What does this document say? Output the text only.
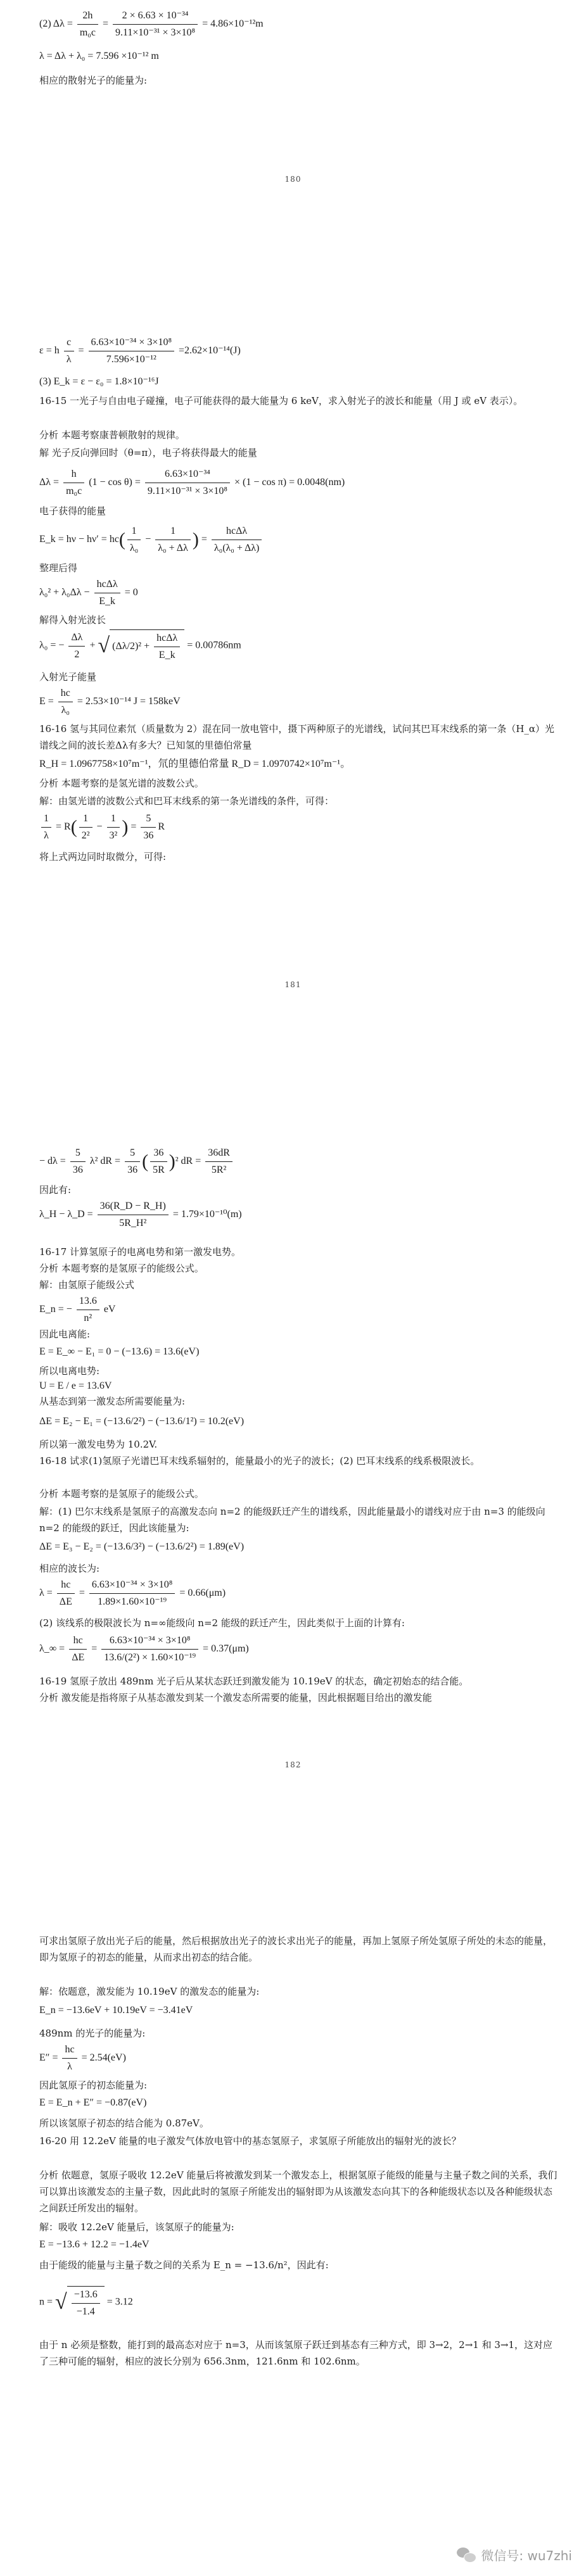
(2) $\Delta\lambda = \frac{2h}{\text{m₀c}} = \frac{\text{2 × 6.63 × 10⁻³⁴}}{\text{9.11×10⁻³¹ × 3×10⁸}} = 4.86\times 10^{-12}m$
λ = Δλ + λ₀ = 7.596 ×10⁻¹² m
相应的散射光子的能量为:
180
ε = h $\frac{c}{\lambda} = \frac{\text{6.63×10⁻³⁴ × 3×10⁸}}{\text{7.596×10⁻¹²}} =2.62\times 10^{-14}(J)$
(3) E_k = ε − ε₀ = 1.8×10⁻¹⁶J
16-15 一光子与自由电子碰撞，电子可能获得的最大能量为 6 keV，求入射光子的波长和能量（用 J 或 eV 表示）。
分析 本题考察康普顿散射的规律。
解 光子反向弹回时（θ=π），电子将获得最大的能量
$\Delta\lambda = \frac{h}{\text{m₀c}} (1 - \cos \theta) = \frac{\text{6.63×10⁻³⁴}}{\text{9.11×10⁻³¹ × 3×10⁸}} \times (1 - \cos \pi) = 0.0048(nm)$
电子获得的能量
E_k = $h\nu - h\nu' = hc( \frac{1}{\text{λ₀}} - \frac{1}{\text{λ₀ + Δλ}}$ ) = $\frac{\text{hcΔλ}}{\text{λ₀(λ₀ + Δλ)}}$
整理后得
$\lambda_0^2 + \lambda_0\Delta\lambda - \frac{\text{hcΔλ}}{E\_k} = 0$
解得入射光波长
λ₀ = − $\frac{\Delta\lambda}{2}$ + √ $(\Delta\lambda/2)^2 + \frac{\text{hcΔλ}}{E\_k} = 0.00786nm$
入射光子能量
$E = \frac{hc}{\text{λ₀}} = 2.53\times 10^{-14}$ J = 158keV
16-16 氢与其同位素氘（质量数为 2）混在同一放电管中，摄下两种原子的光谱线，试问其巴耳末线系的第一条（H_α）光谱线之间的波长差Δλ有多大？已知氢的里德伯常量
R_H = 1.0967758×10⁷m⁻¹，氘的里德伯常量 R_D = 1.0970742×10⁷m⁻¹。
分析 本题考察的是氢光谱的波数公式。
解：由氢光谱的波数公式和巴耳末线系的第一条光谱线的条件，可得：
$\frac{1}{\lambda} = R( \frac{1}{\text{2²}} - \frac{1}{\text{3²}}$ ) = $\frac{5}{36}$ R
将上式两边同时取微分，可得:
181
− $d\lambda = \frac{5}{36} \lambda^2$ dR = $\frac{5}{36}$ ( $\frac{36}{5R} )^2$ dR = $\frac{36dR}{\text{5R²}}$
因此有:
λ_H − λ_D = $\frac{36(R\_D - R\_H)}{\text{5R\_H²}} = 1.79\times 10^{-10}(m)$
16-17 计算氢原子的电离电势和第一激发电势。
分析 本题考察的是氢原子的能级公式。
解：由氢原子能级公式
E_n = − $\frac{13.6}{\text{n²}}$ eV
因此电离能:
E = E_∞ − E₁ = 0 − (−13.6) = 13.6(eV)
所以电离电势:
U = E / e = 13.6V
从基态到第一激发态所需要能量为:
ΔE = E₂ − E₁ = (−13.6/2²) − (−13.6/1²) = 10.2(eV)
所以第一激发电势为 10.2V.
16-18 试求(1)氢原子光谱巴耳末线系辐射的，能量最小的光子的波长；(2) 巴耳末线系的线系极限波长。
分析 本题考察的是氢原子的能级公式。
解：(1) 巴尔末线系是氢原子的高激发态向 n=2 的能级跃迁产生的谱线系，因此能量最小的谱线对应于由 n=3 的能级向 n=2 的能级的跃迁，因此该能量为:
ΔE = E₃ − E₂ = (−13.6/3²) − (−13.6/2²) = 1.89(eV)
相应的波长为:
$\lambda = \frac{hc}{\Delta E} = \frac{\text{6.63×10⁻³⁴ × 3×10⁸}}{\text{1.89×1.60×10⁻¹⁹}} = 0.66(\mu m)$
(2) 该线系的极限波长为 n=∞能级向 n=2 能级的跃迁产生，因此类似于上面的计算有:
λ_∞ = $\frac{hc}{\Delta E} = \frac{\text{6.63×10⁻³⁴ × 3×10⁸}}{\text{13.6/(2²) × 1.60×10⁻¹⁹}} = 0.37(\mu m)$
16-19 氢原子放出 489nm 光子后从某状态跃迁到激发能为 10.19eV 的状态，确定初始态的结合能。
分析 激发能是指将原子从基态激发到某一个激发态所需要的能量，因此根据题目给出的激发能
182
可求出氢原子放出光子后的能量，然后根据放出光子的波长求出光子的能量，再加上氢原子所处氢原子所处的未态的能量，即为氢原子的初态的能量，从而求出初态的结合能。
解：依题意，激发能为 10.19eV 的激发态的能量为:
E_n = −13.6eV + 10.19eV = −3.41eV
489nm 的光子的能量为:
$E'' = \frac{hc}{\lambda} = 2.54(eV)$
因此氢原子的初态能量为:
E = E_n + E″ = −0.87(eV)
所以该氢原子初态的结合能为 0.87eV。
16-20 用 12.2eV 能量的电子激发气体放电管中的基态氢原子，求氢原子所能放出的辐射光的波长？
分析 依题意，氢原子吸收 12.2eV 能量后将被激发到某一个激发态上，根据氢原子能级的能量与主量子数之间的关系，我们可以算出该激发态的主量子数，因此此时的氢原子所能发出的辐射即为从该激发态向其下的各种能级状态以及各种能级状态之间跃迁所发出的辐射。
解：吸收 12.2eV 能量后，该氢原子的能量为:
E = −13.6 + 12.2 = −1.4eV
由于能级的能量与主量子数之间的关系为 E_n = −13.6/n²，因此有:
n = √ $\frac{-13.6}{-1.4} = 3.12$
由于 n 必须是整数，能打到的最高态对应于 n=3，从而该氢原子跃迁到基态有三种方式，即 3→2，2→1 和 3→1，这对应了三种可能的辐射，相应的波长分别为 656.3nm，121.6nm 和 102.6nm。
微信号: wu7zhi
